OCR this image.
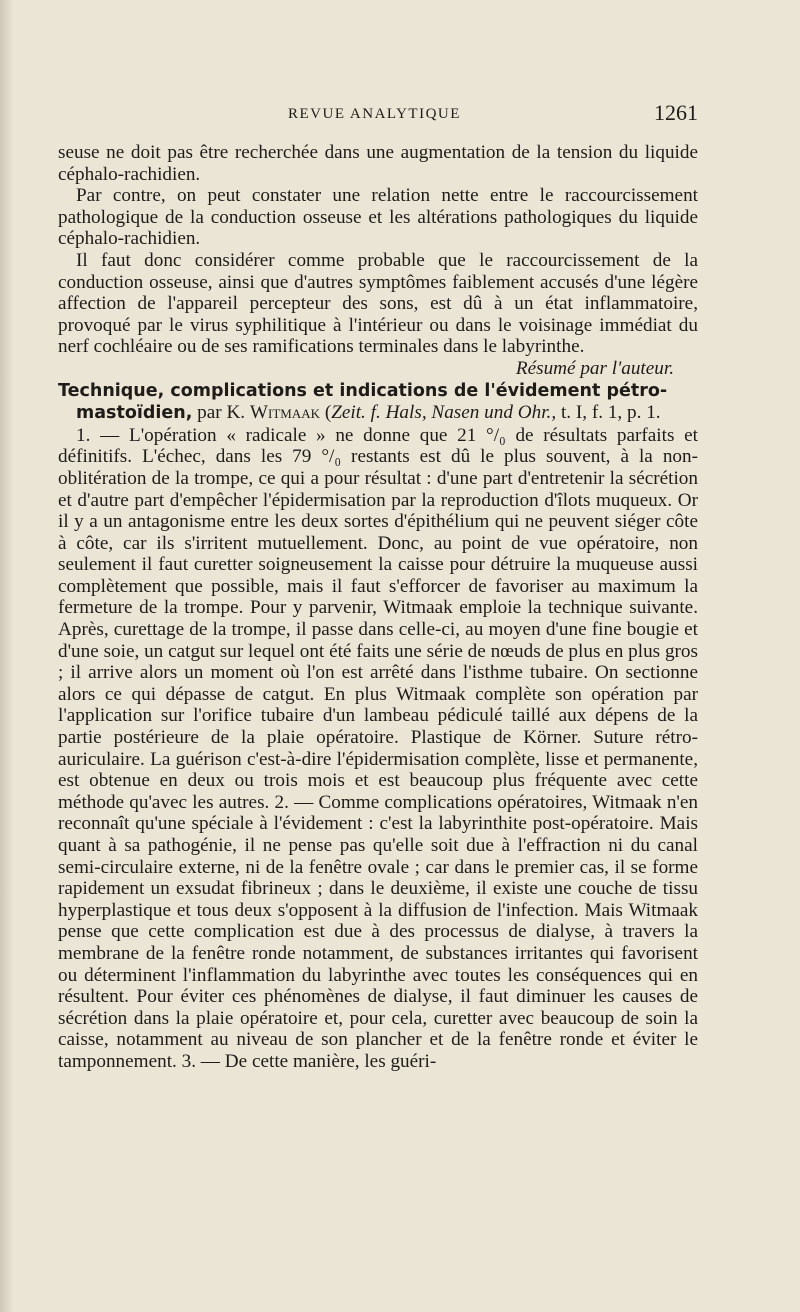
REVUE ANALYTIQUE	1261

seuse ne doit pas être recherchée dans une augmentation de la tension du liquide céphalo-rachidien.

Par contre, on peut constater une relation nette entre le raccourcissement pathologique de la conduction osseuse et les altérations pathologiques du liquide céphalo-rachidien.

Il faut donc considérer comme probable que le raccourcissement de la conduction osseuse, ainsi que d'autres symptômes faiblement accusés d'une légère affection de l'appareil percepteur des sons, est dû à un état inflammatoire, provoqué par le virus syphilitique à l'intérieur ou dans le voisinage immédiat du nerf cochléaire ou de ses ramifications terminales dans le labyrinthe.

Résumé par l'auteur.

Technique, complications et indications de l'évidement pétro-mastoïdien, par K. Witmaak (Zeit. f. Hals, Nasen und Ohr., t. I, f. 1, p. 1.

1. — L'opération « radicale » ne donne que 21 °/₀ de résultats parfaits et définitifs. L'échec, dans les 79 °/₀ restants est dû le plus souvent, à la non-oblitération de la trompe, ce qui a pour résultat : d'une part d'entretenir la sécrétion et d'autre part d'empêcher l'épidermisation par la reproduction d'îlots muqueux. Or il y a un antagonisme entre les deux sortes d'épithélium qui ne peuvent siéger côte à côte, car ils s'irritent mutuellement. Donc, au point de vue opératoire, non seulement il faut curetter soigneusement la caisse pour détruire la muqueuse aussi complètement que possible, mais il faut s'efforcer de favoriser au maximum la fermeture de la trompe. Pour y parvenir, Witmaak emploie la technique suivante. Après, curettage de la trompe, il passe dans celle-ci, au moyen d'une fine bougie et d'une soie, un catgut sur lequel ont été faits une série de nœuds de plus en plus gros ; il arrive alors un moment où l'on est arrêté dans l'isthme tubaire. On sectionne alors ce qui dépasse de catgut. En plus Witmaak complète son opération par l'application sur l'orifice tubaire d'un lambeau pédiculé taillé aux dépens de la partie postérieure de la plaie opératoire. Plastique de Körner. Suture rétro-auriculaire. La guérison c'est-à-dire l'épidermisation complète, lisse et permanente, est obtenue en deux ou trois mois et est beaucoup plus fréquente avec cette méthode qu'avec les autres. 2. — Comme complications opératoires, Witmaak n'en reconnaît qu'une spéciale à l'évidement : c'est la labyrinthite post-opératoire. Mais quant à sa pathogénie, il ne pense pas qu'elle soit due à l'effraction ni du canal semi-circulaire externe, ni de la fenêtre ovale ; car dans le premier cas, il se forme rapidement un exsudat fibrineux ; dans le deuxième, il existe une couche de tissu hyperplastique et tous deux s'opposent à la diffusion de l'infection. Mais Witmaak pense que cette complication est due à des processus de dialyse, à travers la membrane de la fenêtre ronde notamment, de substances irritantes qui favorisent ou déterminent l'inflammation du labyrinthe avec toutes les conséquences qui en résultent. Pour éviter ces phénomènes de dialyse, il faut diminuer les causes de sécrétion dans la plaie opératoire et, pour cela, curetter avec beaucoup de soin la caisse, notamment au niveau de son plancher et de la fenêtre ronde et éviter le tamponnement. 3. — De cette manière, les guéri-
